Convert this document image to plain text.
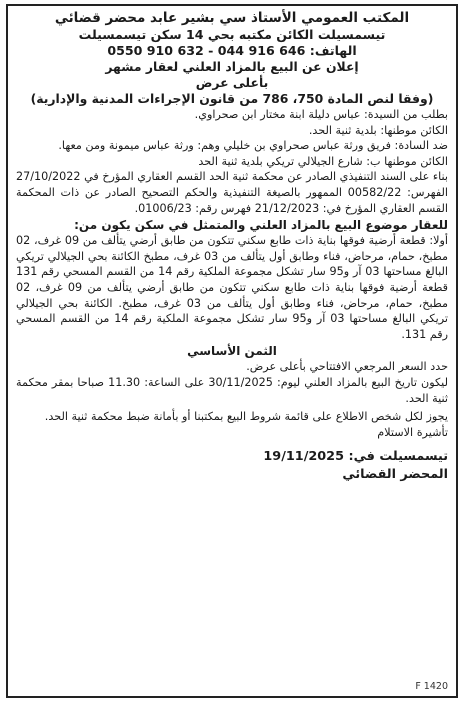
المكتب العمومي الأستاذ سي بشير عابد محضر قضائي
تيسمسيلت الكائن مكتبه بحي 14 سكن تيسمسيلت
الهاتف: 646 916 044 - 632 910 0550
إعلان عن البيع بالمزاد العلني لعقار مشهر
بأعلى عرض
(وفقا لنص المادة 750، 786 من قانون الإجراءات المدنية والإدارية)

بطلب من السيدة: عباس دليلة ابنة مختار ابن صحراوي.

الكائن موطنها: بلدية ثنية الحد.

ضد السادة: فريق ورثة عباس صحراوي بن خليلي وهم: ورثة عباس ميمونة ومن معها.

الكائن موطنها ب: شارع الجيلالي تريكي بلدية ثنية الحد

بناء على السند التنفيذي الصادر عن محكمة ثنية الحد القسم العقاري المؤرخ في 27/10/2022 الفهرس: 00582/22 الممهور بالصيغة التنفيذية والحكم التصحيح الصادر عن ذات المحكمة القسم العقاري المؤرخ في: 21/12/2023 فهرس رقم: 01006/23.

للعقار موضوع البيع بالمزاد العلني والمتمثل في سكن يكون من:

أولا: قطعة أرضية فوقها بناية ذات طابع سكني تتكون من طابق أرضي يتألف من 09 غرف، 02 مطبخ، حمام، مرحاض، فناء وطابق أول يتألف من 03 غرف، مطبخ الكائنة بحي الجيلالي تريكي البالغ مساحتها 03 آر و95 سار تشكل مجموعة الملكية رقم 14 من القسم المسحي رقم 131 قطعة أرضية فوقها بناية ذات طابع سكني تتكون من طابق أرضي يتألف من 09 غرف، 02 مطبخ، حمام، مرحاض، فناء وطابق أول يتألف من 03 غرف، مطبخ. الكائنة بحي الجيلالي تريكي البالغ مساحتها 03 آر و95 سار تشكل مجموعة الملكية رقم 14 من القسم المسحي رقم 131.

الثمن الأساسي

حدد السعر المرجعي الافتتاحي بأعلى عرض.

ليكون تاريخ البيع بالمزاد العلني ليوم: 30/11/2025 على الساعة: 11.30 صباحا بمقر محكمة ثنية الحد.

يجوز لكل شخص الاطلاع على قائمة شروط البيع بمكتبنا أو بأمانة ضبط محكمة ثنية الحد.

تأشيرة الاستلام

تيسمسيلت في: 19/11/2025
المحضر القضائي
F 1420
